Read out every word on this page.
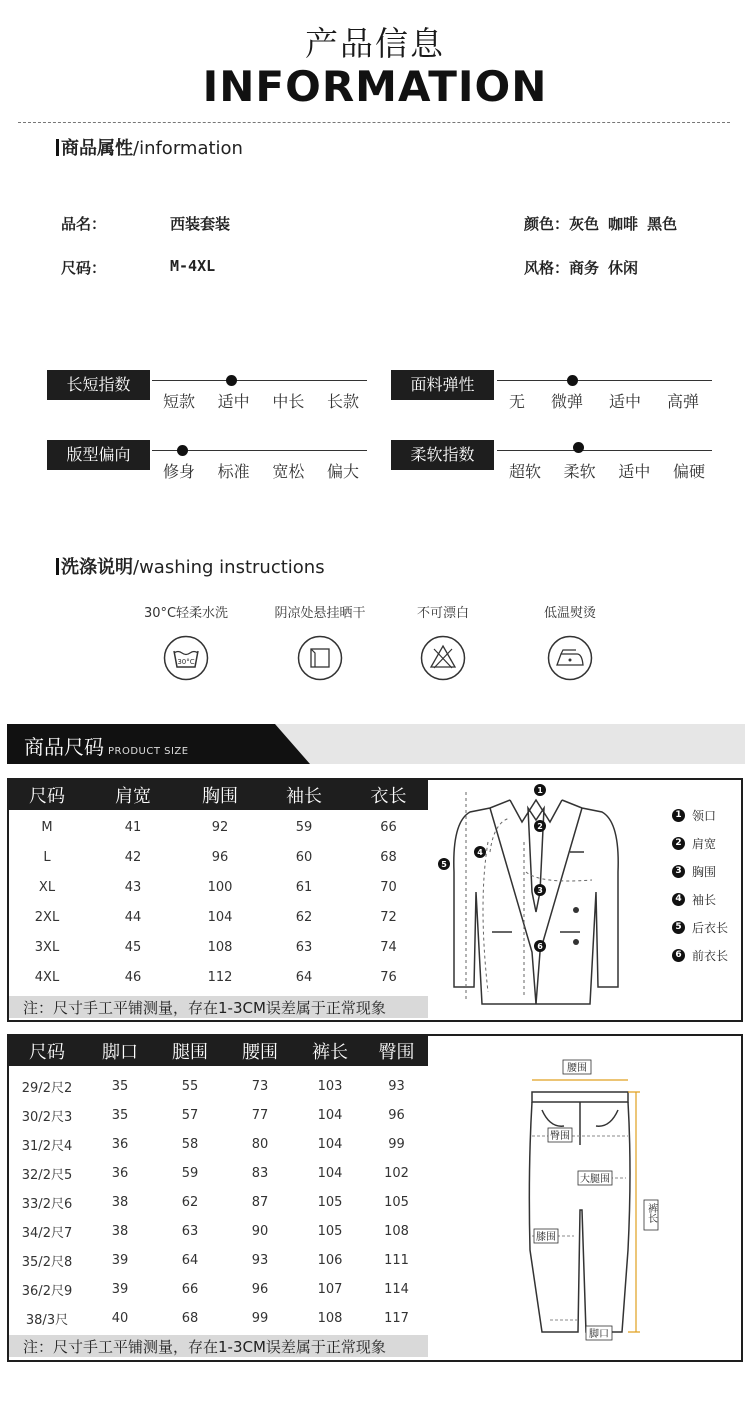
产品信息
INFORMATION
商品属性/information
品名：	西装套装
尺码：	M-4XL
颜色：灰色 咖啡 黑色
风格：商务 休闲
长短指数
短款 适中 中长 长款
面料弹性
无 微弹 适中 高弹
版型偏向
修身 标准 宽松 偏大
柔软指数
超软 柔软 适中 偏硬
洗涤说明/washing instructions
30°C轻柔水洗
30°C
阴凉处悬挂晒干	不可漂白	低温熨烫
商品尺码 PRODUCT SIZE
尺码	肩宽	胸围	袖长	衣长
M	41	92	59	66
L	42	96	60	68
XL	43	100	61	70
2XL	44	104	62	72
3XL	45	108	63	74
4XL	46	112	64	76
注：尺寸手工平铺测量，存在1-3CM误差属于正常现象
1
2
3
4
5
6
1 领口
2 肩宽
3 胸围
4 袖长
5 后衣长
6 前衣长
尺码	脚口	腿围	腰围	裤长	臀围
29/2尺2	35	55	73	103	93
30/2尺3	35	57	77	104	96
31/2尺4	36	58	80	104	99
32/2尺5	36	59	83	104	102
33/2尺6	38	62	87	105	105
34/2尺7	38	63	90	105	108
35/2尺8	39	64	93	106	111
36/2尺9	39	66	96	107	114
38/3尺	40	68	99	108	117
注：尺寸手工平铺测量，存在1-3CM误差属于正常现象
腰围
臀围
大腿围
膝围
裤长
脚口
